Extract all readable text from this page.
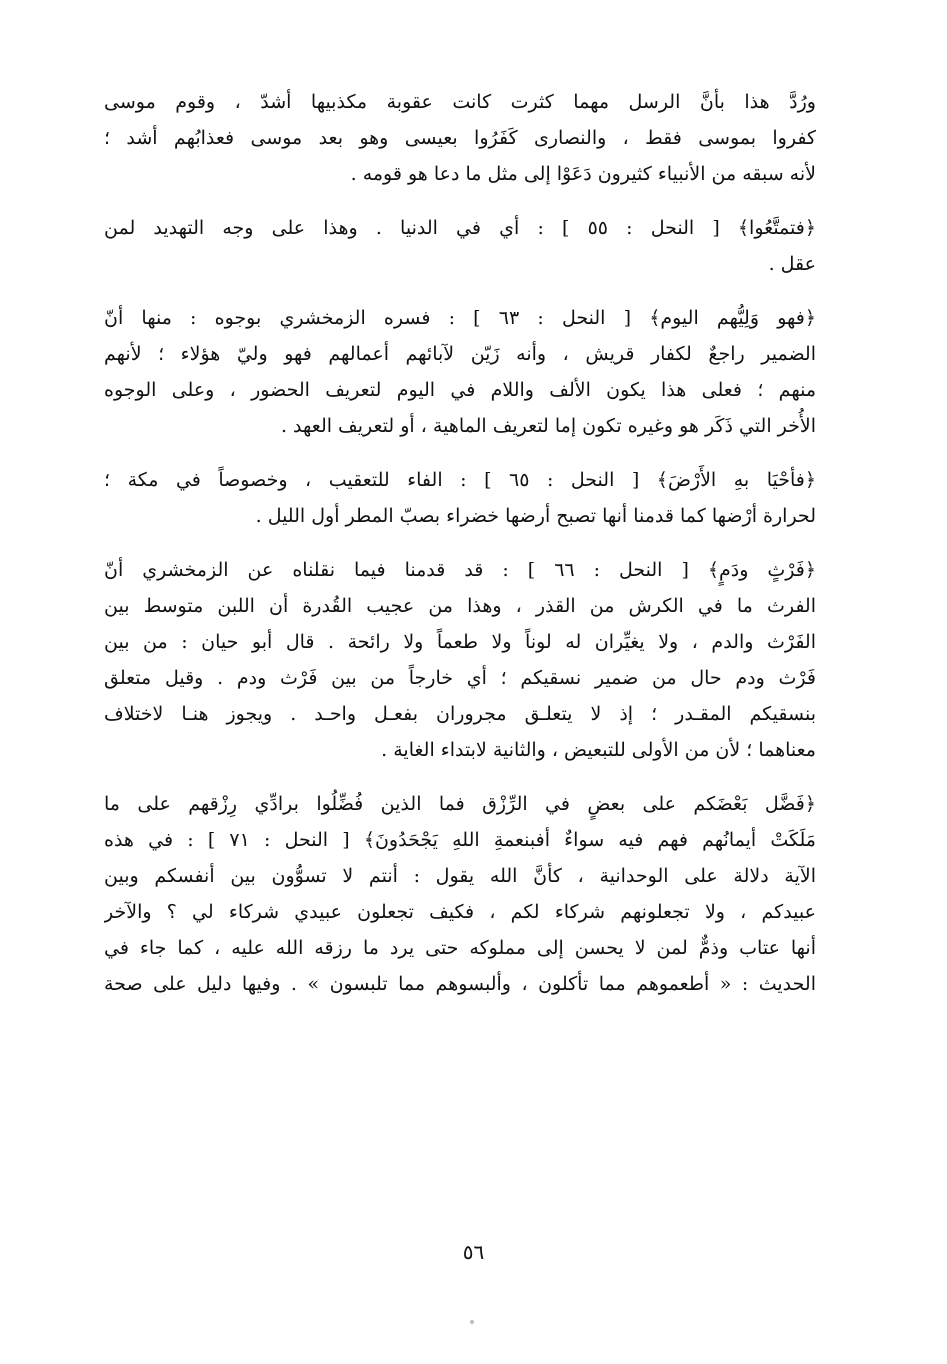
ورُدَّ هذا بأنَّ الرسل مهما كثرت كانت عقوبة مكذبيها أشدّ ، وقوم موسى
كفروا بموسى فقط ، والنصارى كَفَرُوا بعيسى وهو بعد موسى فعذابُهم أشد ؛
لأنه سبقه من الأنبياء كثيرون دَعَوْا إلى مثل ما دعا هو قومه .
﴿فتمتَّعُوا﴾ [ النحل : ٥٥ ] : أي في الدنيا . وهذا على وجه التهديد لمن
عقل .
﴿فهو وَلِيُّهم اليوم﴾ [ النحل : ٦٣ ] : فسره الزمخشري بوجوه : منها أنّ
الضمير راجعٌ لكفار قريش ، وأنه زَيّن لآبائهم أعمالهم فهو وليّ هؤلاء ؛ لأنهم
منهم ؛ فعلى هذا يكون الألف واللام في اليوم لتعريف الحضور ، وعلى الوجوه
الأُخر التي ذَكَر هو وغيره تكون إما لتعريف الماهية ، أو لتعريف العهد .
﴿فأحْيَا بهِ الأَرْضَ﴾ [ النحل : ٦٥ ] : الفاء للتعقيب ، وخصوصاً في مكة ؛
لحرارة أرْضها كما قدمنا أنها تصبح أرضها خضراء بصبّ المطر أول الليل .
﴿فَرْثٍ ودَمٍ﴾ [ النحل : ٦٦ ] : قد قدمنا فيما نقلناه عن الزمخشري أنّ
الفرث ما في الكرش من القذر ، وهذا من عجيب القُدرة أن اللبن متوسط بين
الفَرْث والدم ، ولا يغيِّران له لوناً ولا طعماً ولا رائحة . قال أبو حيان : من بين
فَرْث ودم حال من ضمير نسقيكم ؛ أي خارجاً من بين فَرْث ودم . وقيل متعلق
بنسقيكم المقـدر ؛ إذ لا يتعلـق مجروران بفعـل واحـد . ويجوز هنـا لاختلاف
معناهما ؛ لأن من الأولى للتبعيض ، والثانية لابتداء الغاية .
﴿فَضَّل بَعْضَكم على بعضٍ في الرِّزْق فما الذين فُضِّلُوا برادِّي رِزْقهم على ما
مَلَكَتْ أيمانُهم فهم فيه سواءٌ أفبنعمةِ اللهِ يَجْحَدُونَ﴾ [ النحل : ٧١ ] : في هذه
الآية دلالة على الوحدانية ، كأنَّ الله يقول : أنتم لا تسوُّون بين أنفسكم وبين
عبيدكم ، ولا تجعلونهم شركاء لكم ، فكيف تجعلون عبيدي شركاء لي ؟ والآخر
أنها عتاب وذمٌّ لمن لا يحسن إلى مملوكه حتى يرد ما رزقه الله عليه ، كما جاء في
الحديث : « أطعموهم مما تأكلون ، وألبسوهم مما تلبسون » . وفيها دليل على صحة
٥٦
